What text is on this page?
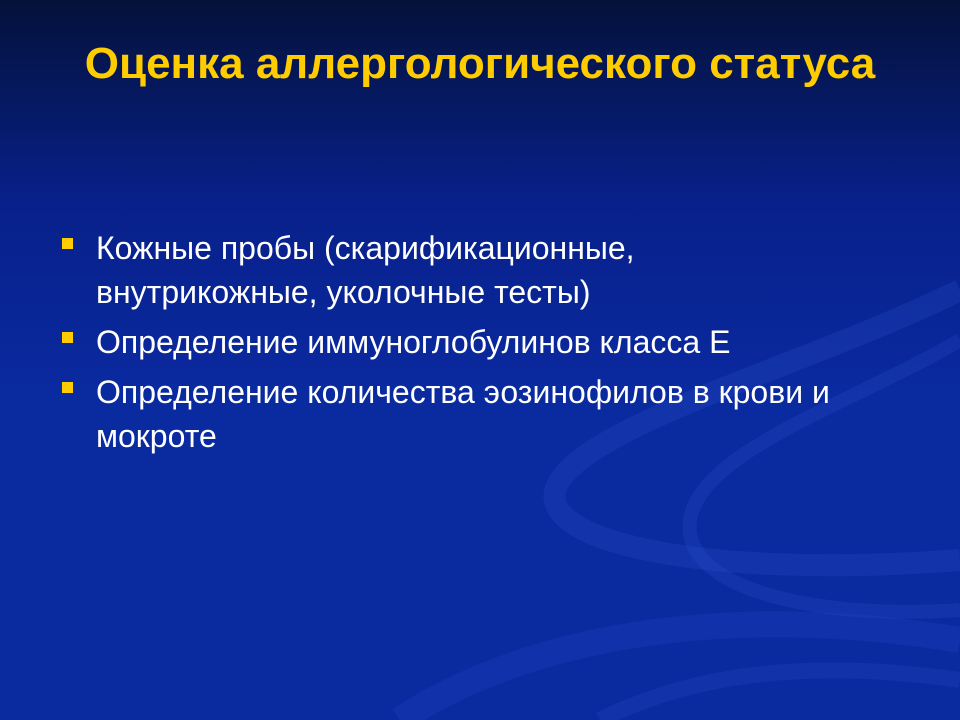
Оценка аллергологического статуса
Кожные пробы (скарификационные, внутрикожные, уколочные тесты)
Определение иммуноглобулинов класса Е
Определение количества эозинофилов в крови и мокроте
